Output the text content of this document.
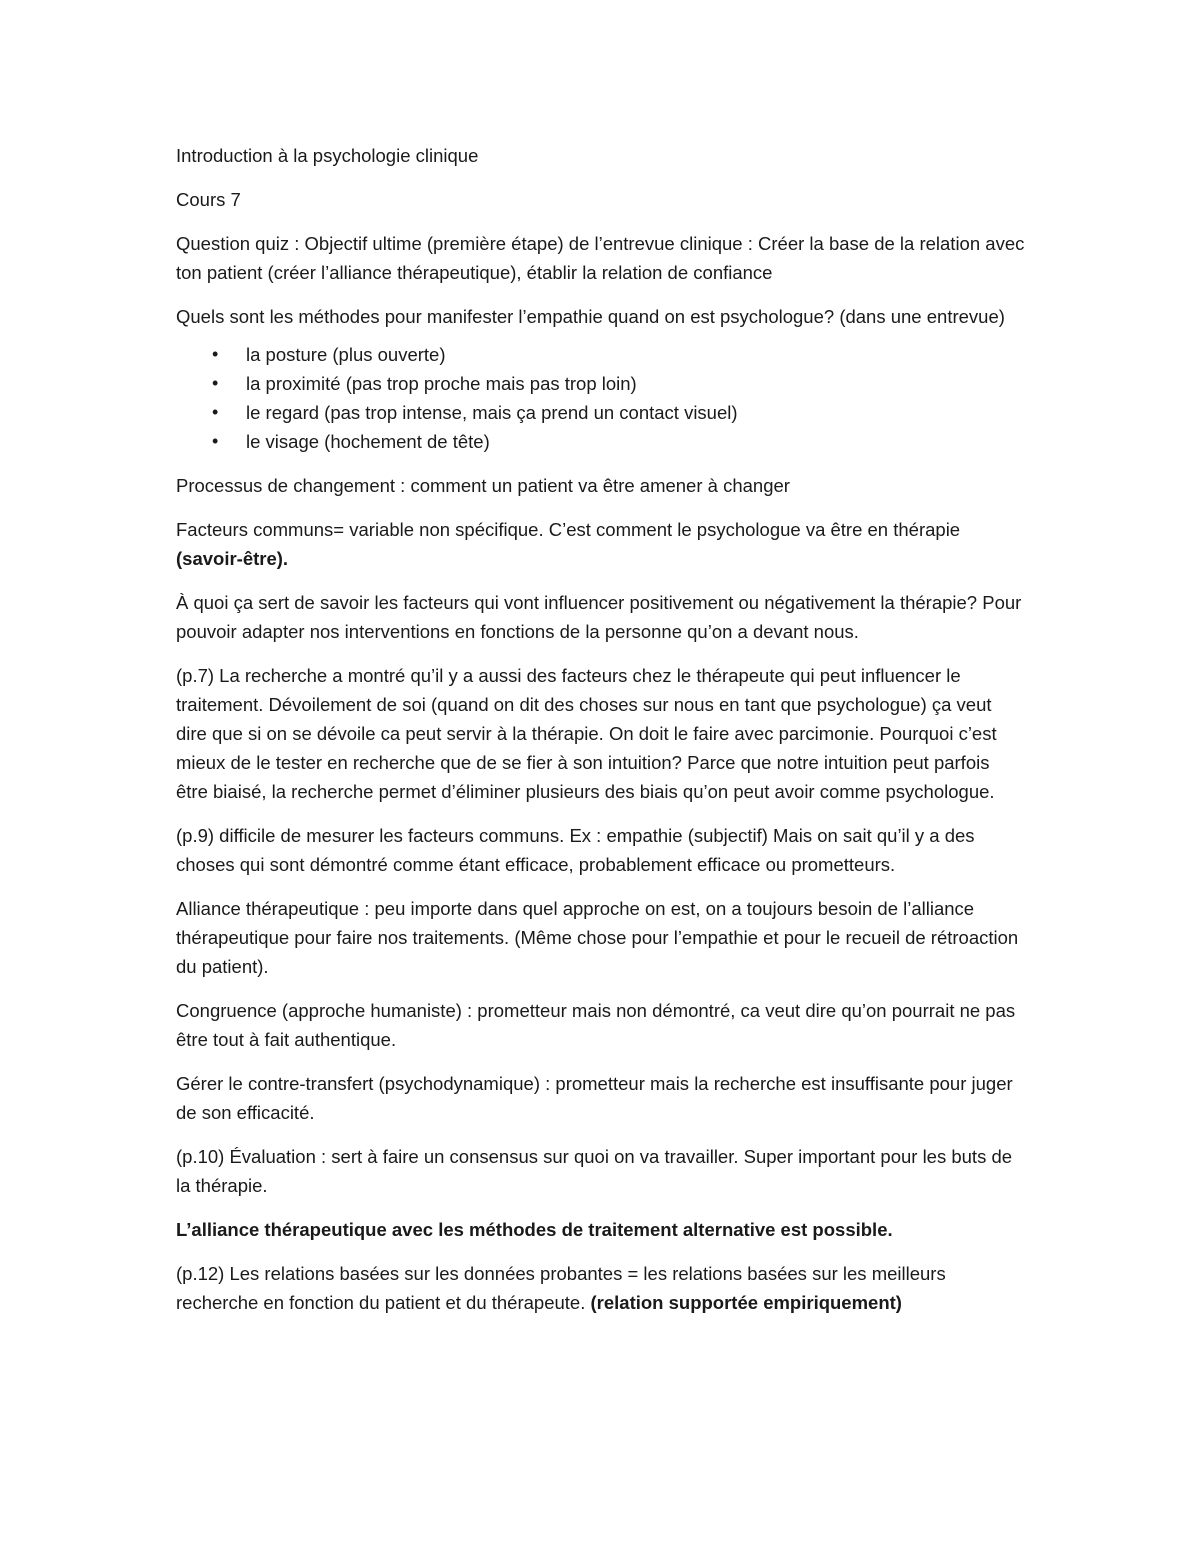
Introduction à la psychologie clinique

Cours 7

Question quiz : Objectif ultime (première étape) de l’entrevue clinique : Créer la base de la relation avec ton patient (créer l’alliance thérapeutique), établir la relation de confiance

Quels sont les méthodes pour manifester l’empathie quand on est psychologue? (dans une entrevue)

• la posture (plus ouverte)
• la proximité (pas trop proche mais pas trop loin)
• le regard (pas trop intense, mais ça prend un contact visuel)
• le visage (hochement de tête)

Processus de changement : comment un patient va être amener à changer

Facteurs communs= variable non spécifique. C’est comment le psychologue va être en thérapie (savoir-être).

À quoi ça sert de savoir les facteurs qui vont influencer positivement ou négativement la thérapie? Pour pouvoir adapter nos interventions en fonctions de la personne qu’on a devant nous.

(p.7) La recherche a montré qu’il y a aussi des facteurs chez le thérapeute qui peut influencer le traitement. Dévoilement de soi (quand on dit des choses sur nous en tant que psychologue) ça veut dire que si on se dévoile ca peut servir à la thérapie. On doit le faire avec parcimonie. Pourquoi c’est mieux de le tester en recherche que de se fier à son intuition? Parce que notre intuition peut parfois être biaisé, la recherche permet d’éliminer plusieurs des biais qu’on peut avoir comme psychologue.

(p.9) difficile de mesurer les facteurs communs. Ex : empathie (subjectif) Mais on sait qu’il y a des choses qui sont démontré comme étant efficace, probablement efficace ou prometteurs.

Alliance thérapeutique : peu importe dans quel approche on est, on a toujours besoin de l’alliance thérapeutique pour faire nos traitements. (Même chose pour l’empathie et pour le recueil de rétroaction du patient).

Congruence (approche humaniste) : prometteur mais non démontré, ca veut dire qu’on pourrait ne pas être tout à fait authentique.

Gérer le contre-transfert (psychodynamique) : prometteur mais la recherche est insuffisante pour juger de son efficacité.

(p.10) Évaluation : sert à faire un consensus sur quoi on va travailler. Super important pour les buts de la thérapie.

L’alliance thérapeutique avec les méthodes de traitement alternative est possible.

(p.12) Les relations basées sur les données probantes = les relations basées sur les meilleurs recherche en fonction du patient et du thérapeute. (relation supportée empiriquement)
